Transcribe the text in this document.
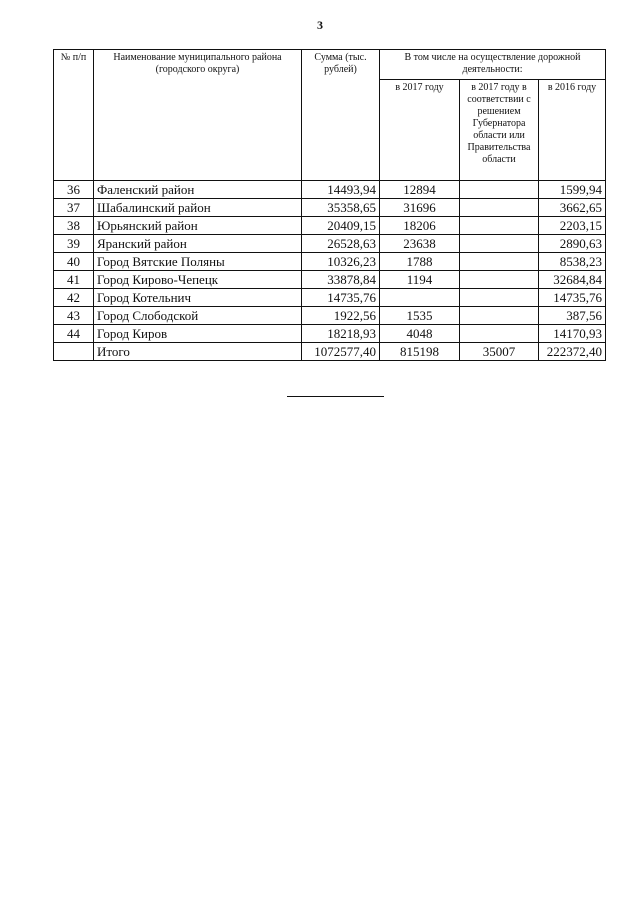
3
№ п/п	Наименование муниципального района (городского округа)	Сумма (тыс. рублей)	В том числе на осуществление дорожной деятельности:		
			в 2017 году	в 2017 году в соответствии с решением Губернатора области или Правительства области	в 2016 году
36	Фаленский район	14493,94	12894		1599,94
37	Шабалинский район	35358,65	31696		3662,65
38	Юрьянский район	20409,15	18206		2203,15
39	Яранский район	26528,63	23638		2890,63
40	Город Вятские Поляны	10326,23	1788		8538,23
41	Город Кирово-Чепецк	33878,84	1194		32684,84
42	Город Котельнич	14735,76			14735,76
43	Город Слободской	1922,56	1535		387,56
44	Город Киров	18218,93	4048		14170,93
	Итого	1072577,40	815198	35007	222372,40
